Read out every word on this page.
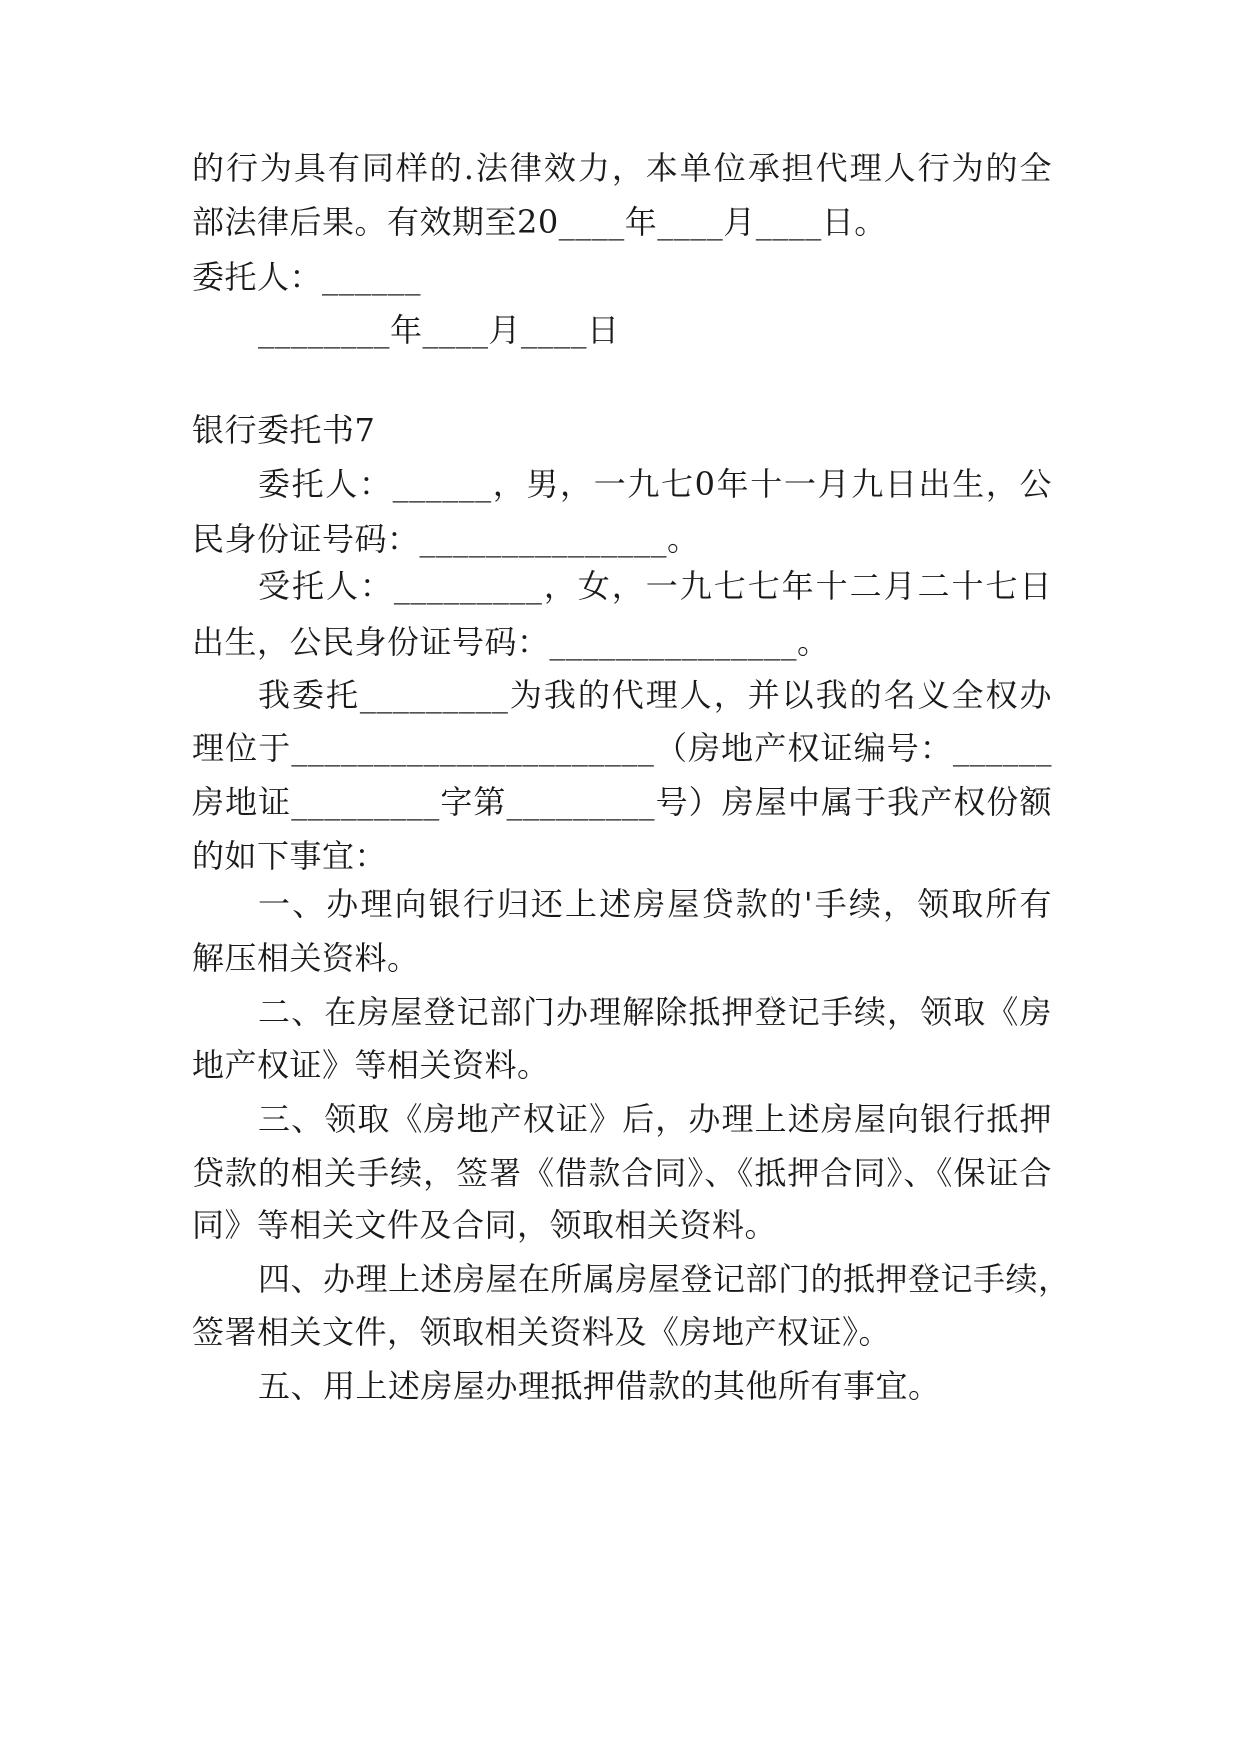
的行为具有同样的.法律效力，本单位承担代理人行为的全
部法律后果。有效期至20____年____月____日。
委托人：______
________年____月____日
银行委托书7
委托人：______，男，一九七0年十一月九日出生，公
民身份证号码：_______________。
受托人：_________，女，一九七七年十二月二十七日
出生，公民身份证号码：_______________。
我委托_________为我的代理人，并以我的名义全权办
理位于______________________（房地产权证编号：______
房地证_________字第_________号）房屋中属于我产权份额
的如下事宜：
一、办理向银行归还上述房屋贷款的'手续，领取所有
解压相关资料。
二、在房屋登记部门办理解除抵押登记手续，领取《房
地产权证》等相关资料。
三、领取《房地产权证》后，办理上述房屋向银行抵押
贷款的相关手续，签署《借款合同》、《抵押合同》、《保证合
同》等相关文件及合同，领取相关资料。
四、办理上述房屋在所属房屋登记部门的抵押登记手续，
签署相关文件，领取相关资料及《房地产权证》。
五、用上述房屋办理抵押借款的其他所有事宜。
